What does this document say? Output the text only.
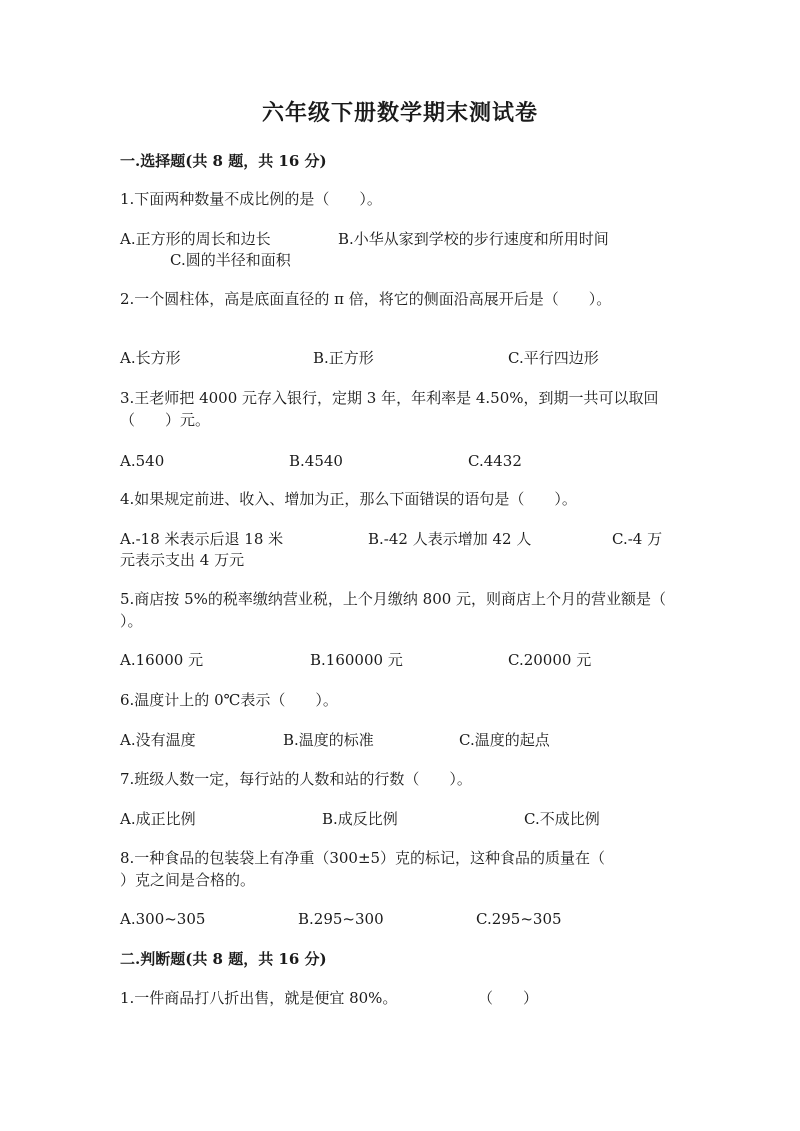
六年级下册数学期末测试卷
一.选择题(共 8 题，共 16 分)
1.下面两种数量不成比例的是（　　）。
A.正方形的周长和边长	B.小华从家到学校的步行速度和所用时间
C.圆的半径和面积
2.一个圆柱体，高是底面直径的 π 倍，将它的侧面沿高展开后是（　　）。
A.长方形	B.正方形	C.平行四边形
3.王老师把 4000 元存入银行，定期 3 年，年利率是 4.50%，到期一共可以取回（　　）元。
A.540	B.4540	C.4432
4.如果规定前进、收入、增加为正，那么下面错误的语句是（　　）。
A.-18 米表示后退 18 米	B.-42 人表示增加 42 人	C.-4 万
元表示支出 4 万元
5.商店按 5%的税率缴纳营业税，上个月缴纳 800 元，则商店上个月的营业额是（　　）。
A.16000 元	B.160000 元	C.20000 元
6.温度计上的 0℃表示（　　）。
A.没有温度	B.温度的标准	C.温度的起点
7.班级人数一定，每行站的人数和站的行数（　　）。
A.成正比例	B.成反比例	C.不成比例
8.一种食品的包装袋上有净重（300±5）克的标记，这种食品的质量在（　　）克之间是合格的。
A.300~305	B.295~300	C.295~305
二.判断题(共 8 题，共 16 分)
1.一件商品打八折出售，就是便宜 80%。	（　　）
